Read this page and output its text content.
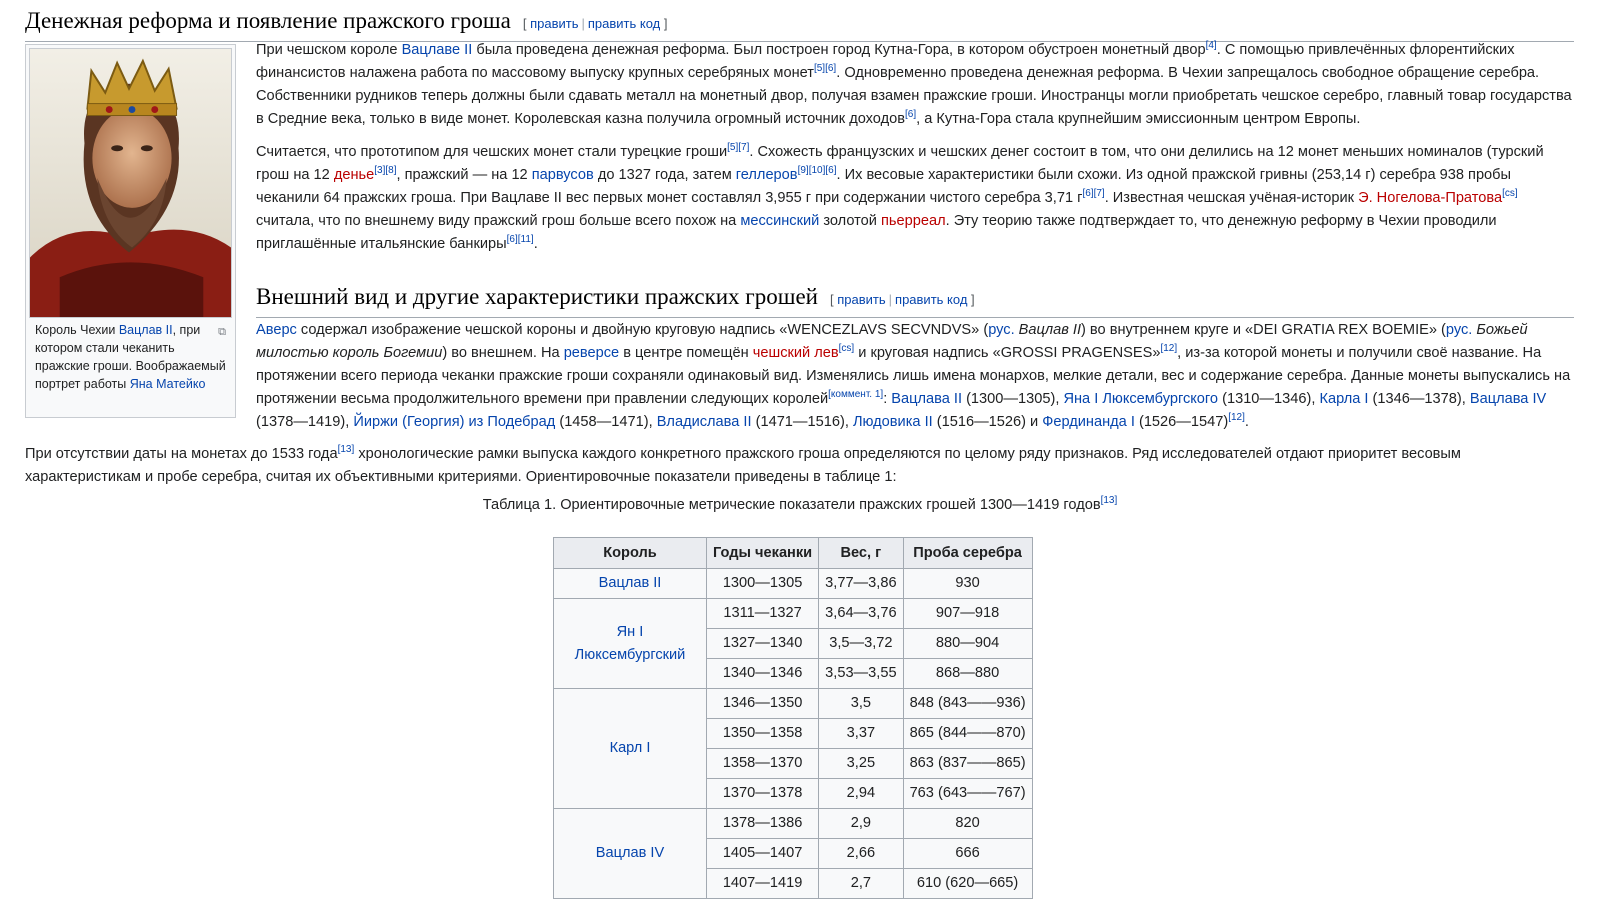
Денежная реформа и появление пражского гроша [ править | править код ]
⧉
Король Чехии Вацлав II, при котором стали чеканить пражские гроши. Воображаемый портрет работы Яна Матейко

При чешском короле Вацлаве II была проведена денежная реформа. Был построен город Кутна-Гора, в котором обустроен монетный двор[4]. С помощью привлечённых флорентийских финансистов налажена работа по массовому выпуску крупных серебряных монет[5][6]. Одновременно проведена денежная реформа. В Чехии запрещалось свободное обращение серебра. Собственники рудников теперь должны были сдавать металл на монетный двор, получая взамен пражские гроши. Иностранцы могли приобретать чешское серебро, главный товар государства в Средние века, только в виде монет. Королевская казна получила огромный источник доходов[6], а Кутна-Гора стала крупнейшим эмиссионным центром Европы.

Считается, что прототипом для чешских монет стали турецкие гроши[5][7]. Схожесть французских и чешских денег состоит в том, что они делились на 12 монет меньших номиналов (турский грош на 12 денье[3][8], пражский — на 12 парвусов до 1327 года, затем геллеров[9][10][6]. Их весовые характеристики были схожи. Из одной пражской гривны (253,14 г) серебра 938 пробы чеканили 64 пражских гроша. При Вацлаве II вес первых монет составлял 3,955 г при содержании чистого серебра 3,71 г[6][7]. Известная чешская учёная-историк Э. Ногелова-Пратова[cs] считала, что по внешнему виду пражский грош больше всего похож на мессинский золотой пьерреал. Эту теорию также подтверждает то, что денежную реформу в Чехии проводили приглашённые итальянские банкиры[6][11].

Внешний вид и другие характеристики пражских грошей [ править | править код ]

Аверс содержал изображение чешской короны и двойную круговую надпись «WENCEZLAVS SECVNDVS» (рус. Вацлав II) во внутреннем круге и «DEI GRATIA REX BOEMIE» (рус. Божьей милостью король Богемии) во внешнем. На реверсе в центре помещён чешский лев[cs] и круговая надпись «GROSSI PRAGENSES»[12], из-за которой монеты и получили своё название. На протяжении всего периода чеканки пражские гроши сохраняли одинаковый вид. Изменялись лишь имена монархов, мелкие детали, вес и содержание серебра. Данные монеты выпускались на протяжении весьма продолжительного времени при правлении следующих королей[коммент. 1]: Вацлава II (1300—1305), Яна I Люксембургского (1310—1346), Карла I (1346—1378), Вацлава IV (1378—1419), Йиржи (Георгия) из Подебрад (1458—1471), Владислава II (1471—1516), Людовика II (1516—1526) и Фердинанда I (1526—1547)[12].

При отсутствии даты на монетах до 1533 года[13] хронологические рамки выпуска каждого конкретного пражского гроша определяются по целому ряду признаков. Ряд исследователей отдают приоритет весовым характеристикам и пробе серебра, считая их объективными критериями. Ориентировочные показатели приведены в таблице 1:

Таблица 1. Ориентировочные метрические показатели пражских грошей 1300—1419 годов[13]
Король	Годы чеканки	Вес, г	Проба серебра
Вацлав II	1300—1305	3,77—3,86	930
Ян I Люксембургский	1311—1327	3,64—3,76	907—918
	1327—1340	3,5—3,72	880—904
	1340—1346	3,53—3,55	868—880
Карл I	1346—1350	3,5	848 (843——936)
	1350—1358	3,37	865 (844——870)
	1358—1370	3,25	863 (837——865)
	1370—1378	2,94	763 (643——767)
Вацлав IV	1378—1386	2,9	820
	1405—1407	2,66	666
	1407—1419	2,7	610 (620—665)
